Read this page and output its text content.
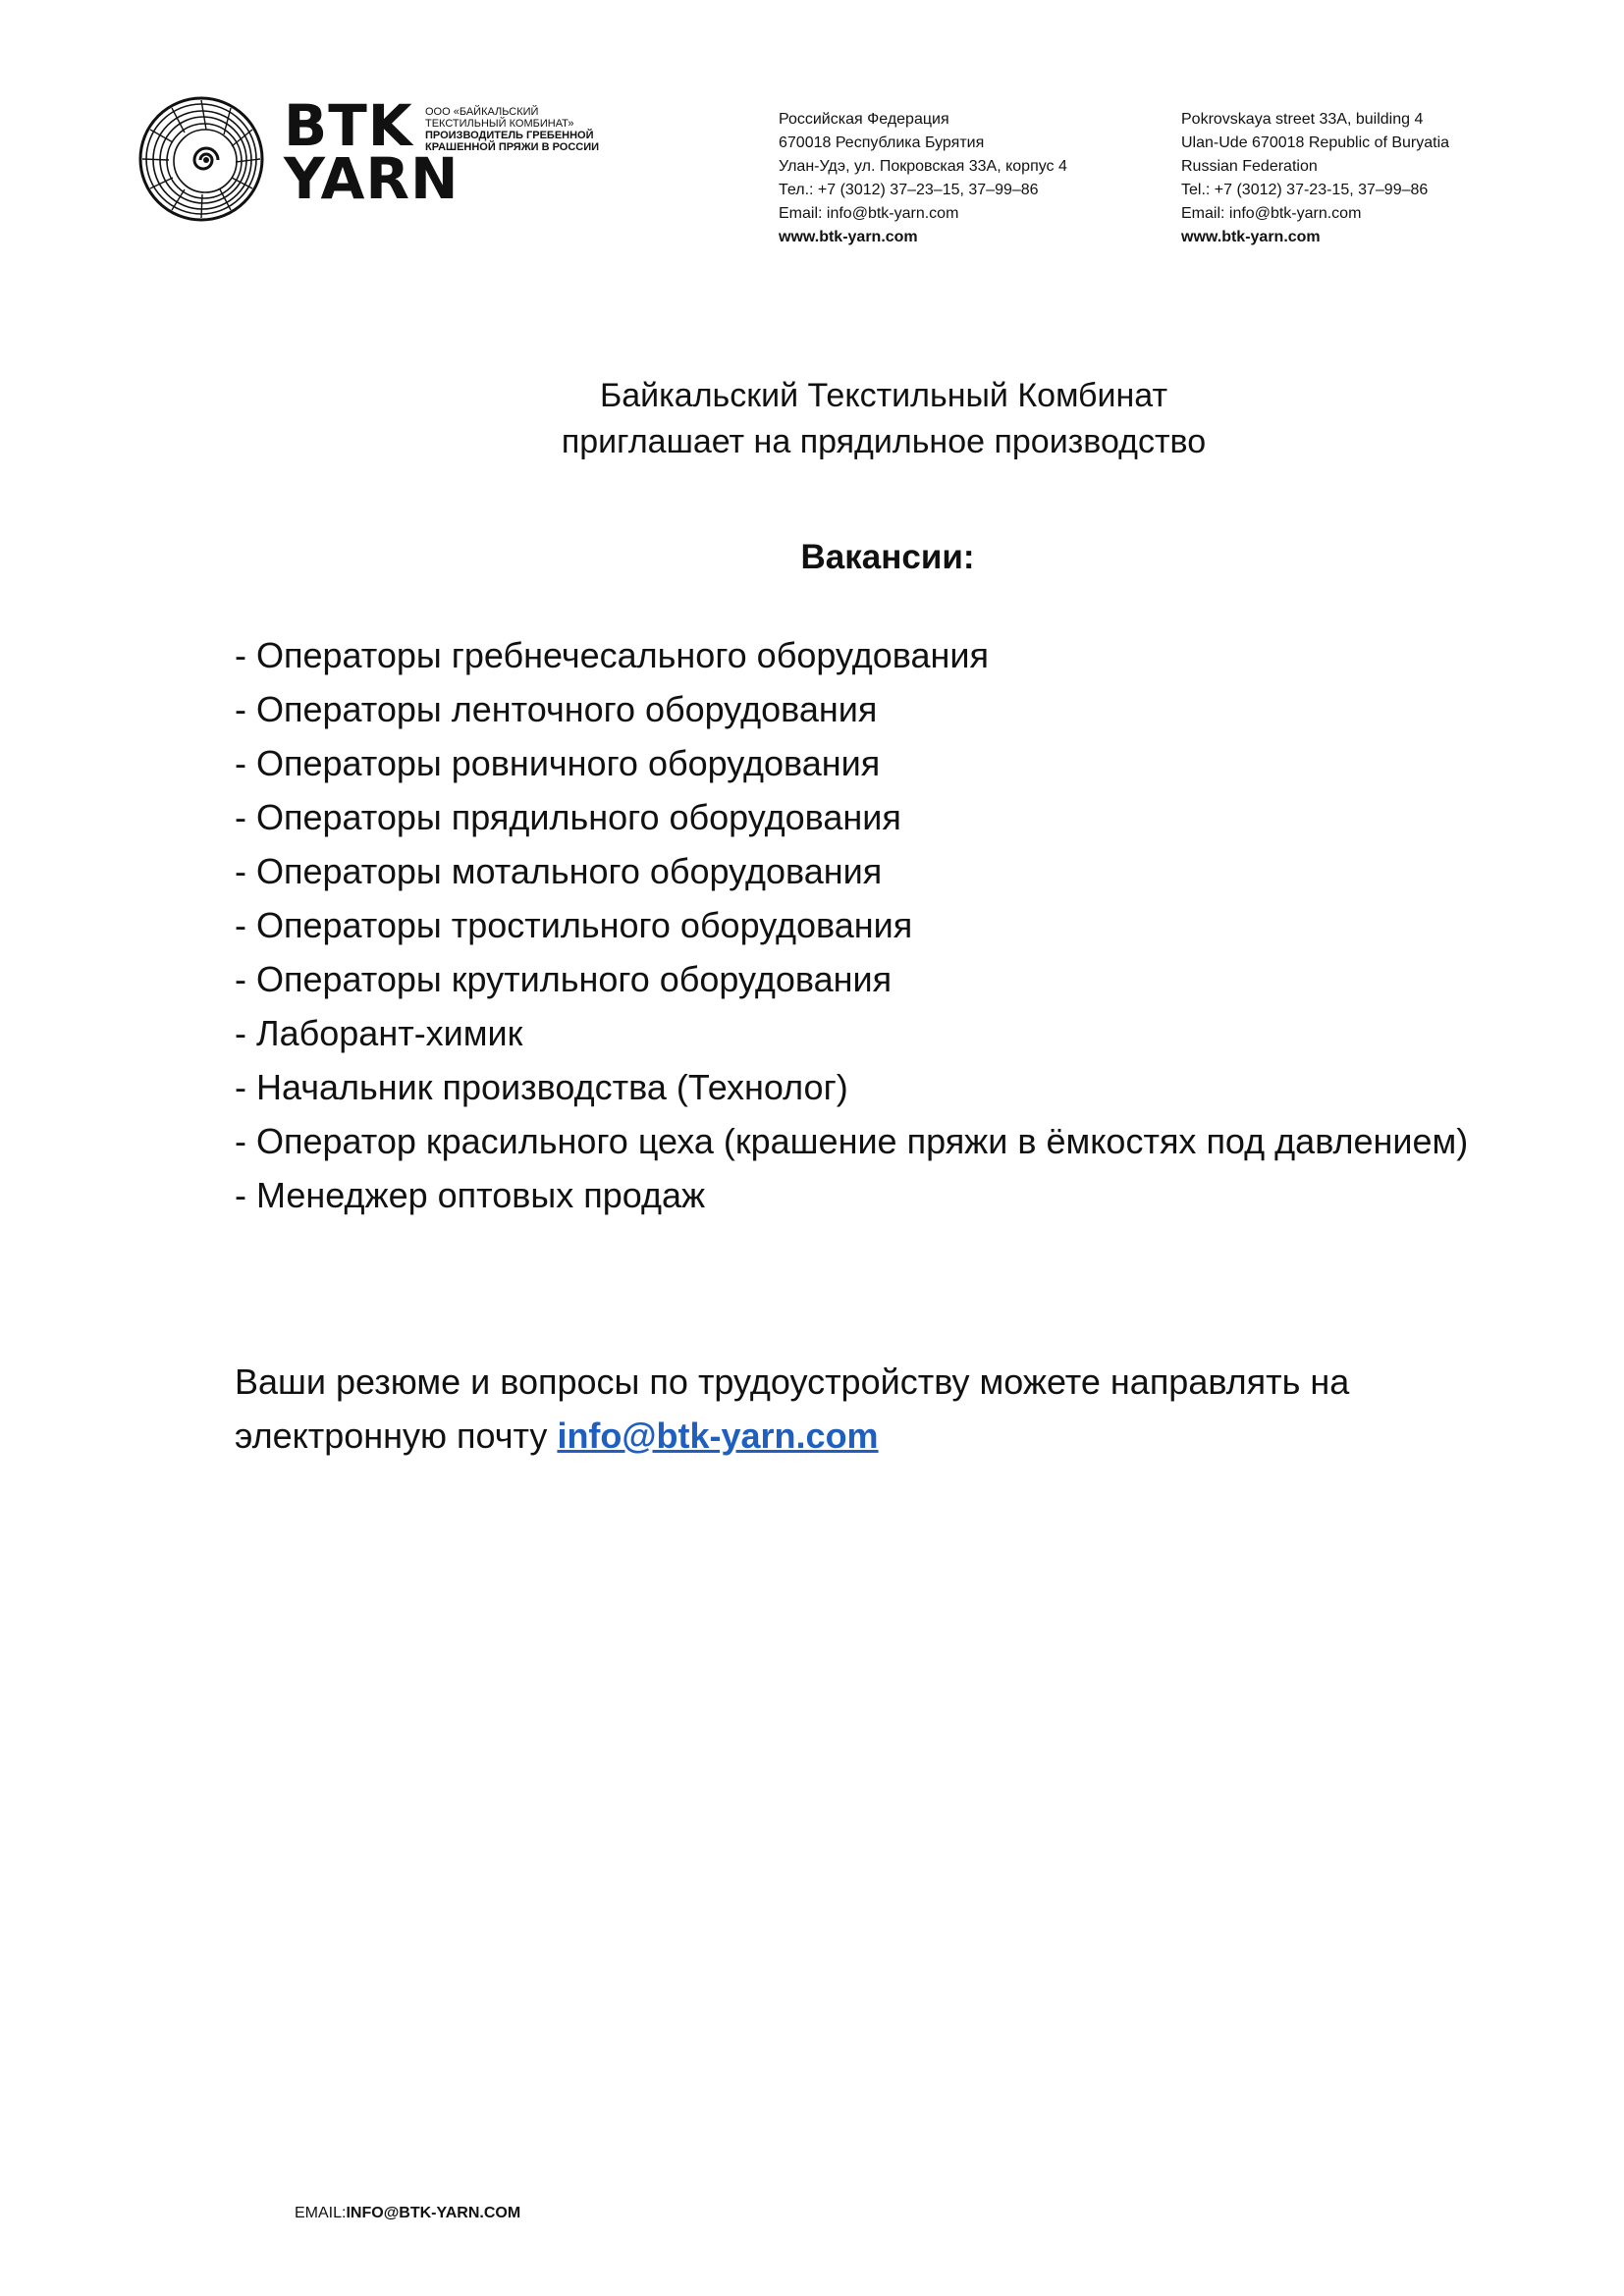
BTK
YARN
ООО «БАЙКАЛЬСКИЙ
ТЕКСТИЛЬНЫЙ КОМБИНАТ»
ПРОИЗВОДИТЕЛЬ ГРЕБЕННОЙ
КРАШЕННОЙ ПРЯЖИ В РОССИИ
Российская Федерация
670018 Республика Бурятия
Улан-Удэ, ул. Покровская 33А, корпус 4
Тел.: +7 (3012) 37–23–15, 37–99–86
Email: info@btk-yarn.com
www.btk-yarn.com
Pokrovskaya street 33A, building 4
Ulan-Ude 670018 Republic of Buryatia
Russian Federation
Tel.: +7 (3012) 37-23-15, 37–99–86
Email: info@btk-yarn.com
www.btk-yarn.com
Байкальский Текстильный Комбинат
приглашает на прядильное производство
Вакансии:
- Операторы гребнечесального оборудования
- Операторы ленточного оборудования
- Операторы ровничного оборудования
- Операторы прядильного оборудования
- Операторы мотального оборудования
- Операторы тростильного оборудования
- Операторы крутильного оборудования
- Лаборант-химик
- Начальник производства (Технолог)
- Оператор красильного цеха (крашение пряжи в ёмкостях под давлением)
- Менеджер оптовых продаж
Ваши резюме и вопросы по трудоустройству можете направлять на электронную почту info@btk-yarn.com
EMAIL:INFO@BTK-YARN.COM
